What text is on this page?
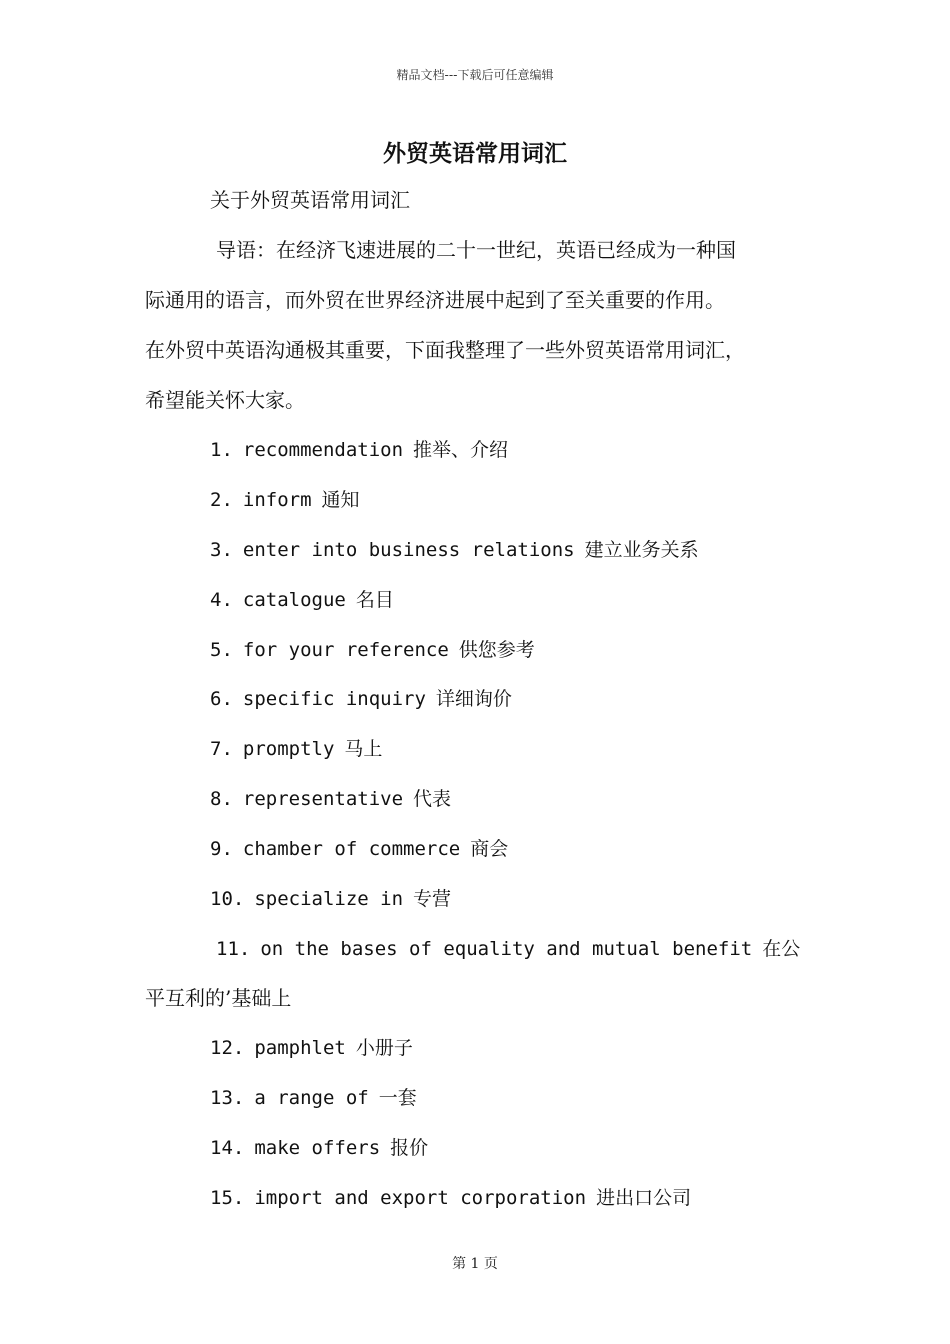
精品文档---下载后可任意编辑
外贸英语常用词汇
关于外贸英语常用词汇
导语：在经济飞速进展的二十一世纪，英语已经成为一种国
际通用的语言，而外贸在世界经济进展中起到了至关重要的作用。
在外贸中英语沟通极其重要，下面我整理了一些外贸英语常用词汇，
希望能关怀大家。
1. recommendation 推举、介绍
2. inform 通知
3. enter into business relations 建立业务关系
4. catalogue 名目
5. for your reference 供您参考
6. specific inquiry 详细询价
7. promptly 马上
8. representative 代表
9. chamber of commerce 商会
10. specialize in 专营
11. on the bases of equality and mutual benefit 在公
平互利的’基础上
12. pamphlet 小册子
13. a range of 一套
14. make offers 报价
15. import and export corporation 进出口公司
第 1 页
